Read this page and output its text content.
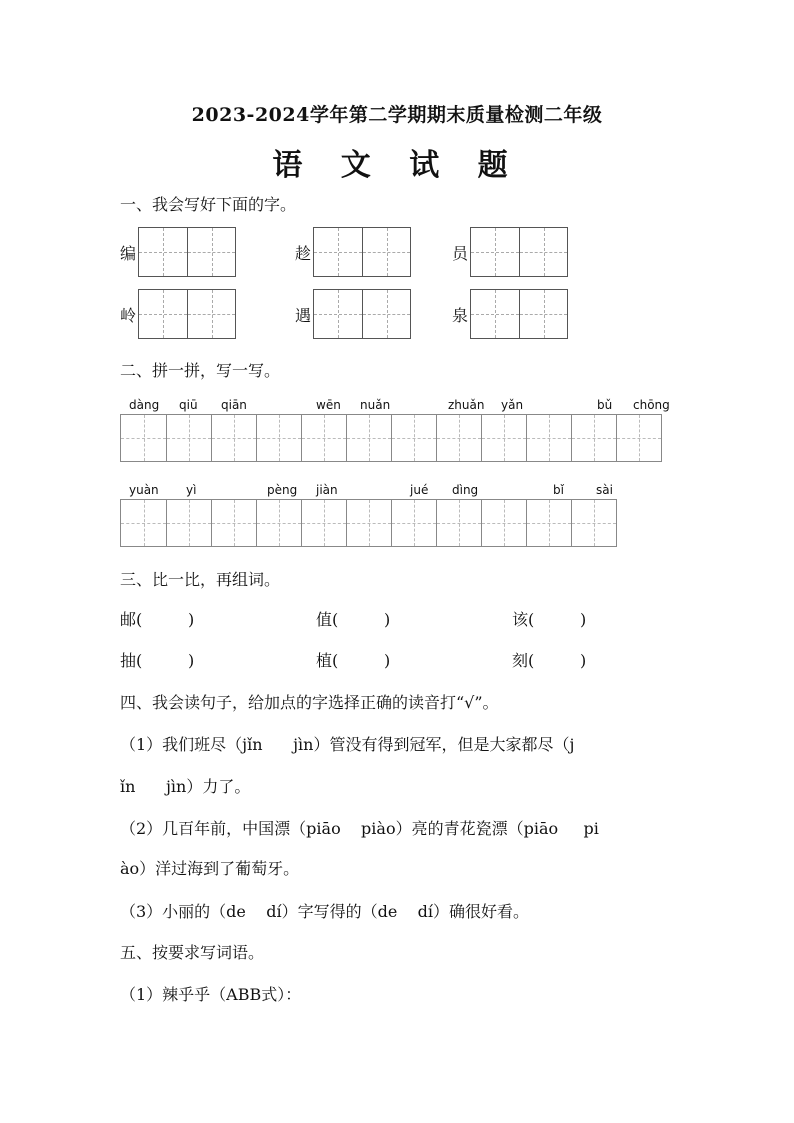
2023-2024学年第二学期期末质量检测二年级
语 文 试 题
一、我会写好下面的字。
编	趁	员
岭	遇	泉
二、拼一拼，写一写。
dàng qiū qiān	wēn nuǎn	zhuǎn yǎn	bǔ chōng
yuàn yì	pèng jiàn	jué dìng	bǐ	sài
三、比一比，再组词。
邮(         )	值(         )	该(         )
抽(         )	植(         )	刻(         )
四、我会读句子，给加点的字选择正确的读音打“√”。
（1）我们班尽（jǐn      jìn）管没有得到冠军，但是大家都尽（j
ǐn      jìn）力了。
（2）几百年前，中国漂（piāo    piào）亮的青花瓷漂（piāo     pi
ào）洋过海到了葡萄牙。
（3）小丽的（de    dí）字写得的（de    dí）确很好看。
五、按要求写词语。
（1）辣乎乎（ABB式）：
